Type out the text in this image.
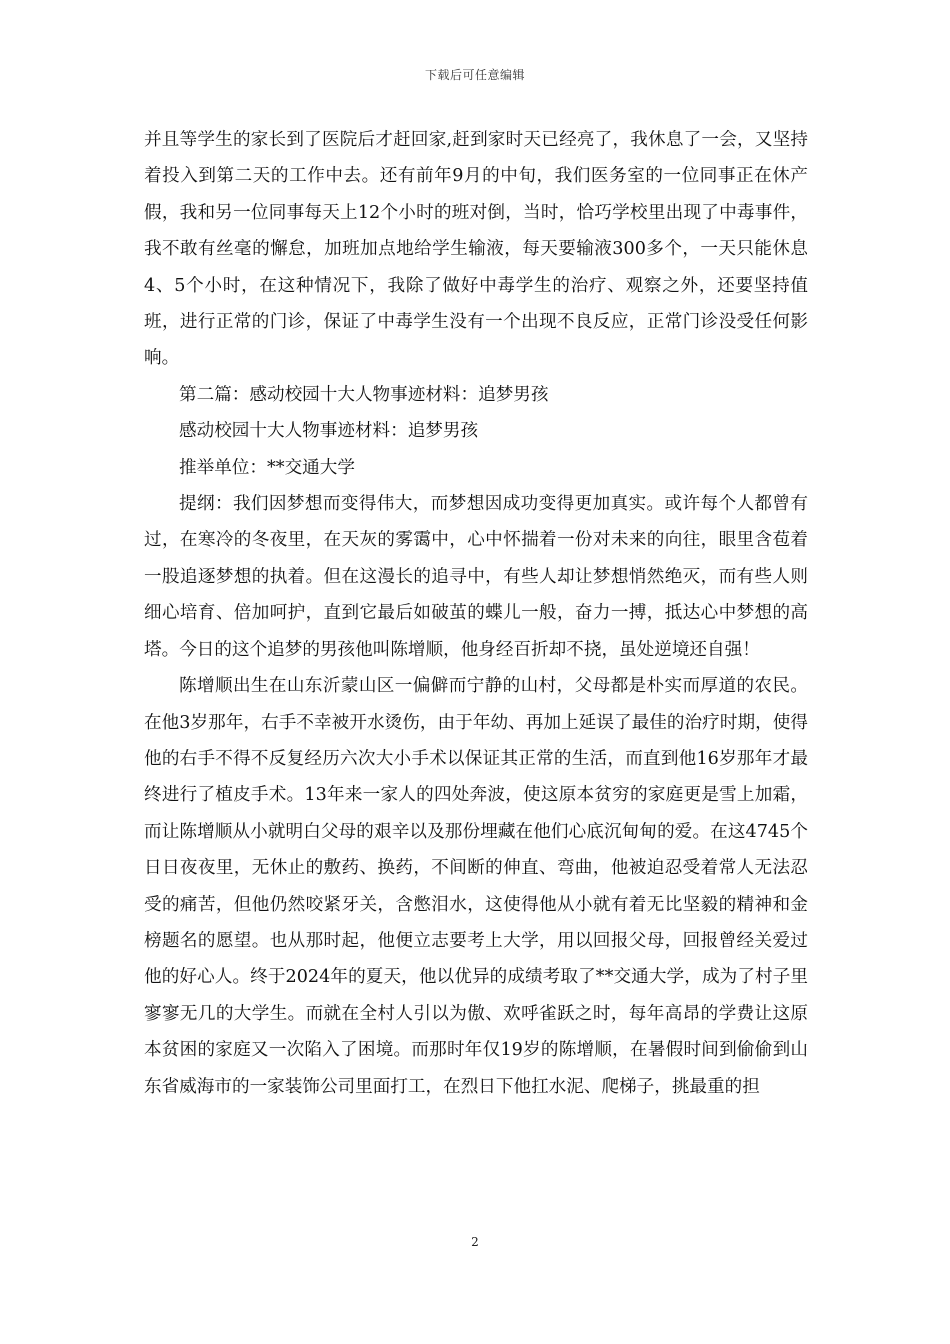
下载后可任意编辑

并且等学生的家长到了医院后才赶回家,赶到家时天已经亮了，我休息了一会，又坚持着投入到第二天的工作中去。还有前年9月的中旬，我们医务室的一位同事正在休产假，我和另一位同事每天上12个小时的班对倒，当时，恰巧学校里出现了中毒事件，我不敢有丝毫的懈怠，加班加点地给学生输液，每天要输液300多个，一天只能休息4、5个小时，在这种情况下，我除了做好中毒学生的治疗、观察之外，还要坚持值班，进行正常的门诊，保证了中毒学生没有一个出现不良反应，正常门诊没受任何影响。

第二篇：感动校园十大人物事迹材料：追梦男孩

感动校园十大人物事迹材料：追梦男孩

推举单位：**交通大学

提纲：我们因梦想而变得伟大，而梦想因成功变得更加真实。或许每个人都曾有过，在寒冷的冬夜里，在天灰的雾霭中，心中怀揣着一份对未来的向往，眼里含苞着一股追逐梦想的执着。但在这漫长的追寻中，有些人却让梦想悄然绝灭，而有些人则细心培育、倍加呵护，直到它最后如破茧的蝶儿一般，奋力一搏，抵达心中梦想的高塔。今日的这个追梦的男孩他叫陈增顺，他身经百折却不挠，虽处逆境还自强！

陈增顺出生在山东沂蒙山区一偏僻而宁静的山村，父母都是朴实而厚道的农民。在他3岁那年，右手不幸被开水烫伤，由于年幼、再加上延误了最佳的治疗时期，使得他的右手不得不反复经历六次大小手术以保证其正常的生活，而直到他16岁那年才最终进行了植皮手术。13年来一家人的四处奔波，使这原本贫穷的家庭更是雪上加霜，而让陈增顺从小就明白父母的艰辛以及那份埋藏在他们心底沉甸甸的爱。在这4745个日日夜夜里，无休止的敷药、换药，不间断的伸直、弯曲，他被迫忍受着常人无法忍受的痛苦，但他仍然咬紧牙关，含憋泪水，这使得他从小就有着无比坚毅的精神和金榜题名的愿望。也从那时起，他便立志要考上大学，用以回报父母，回报曾经关爱过他的好心人。终于2024年的夏天，他以优异的成绩考取了**交通大学，成为了村子里寥寥无几的大学生。而就在全村人引以为傲、欢呼雀跃之时，每年高昂的学费让这原本贫困的家庭又一次陷入了困境。而那时年仅19岁的陈增顺，在暑假时间到偷偷到山东省威海市的一家装饰公司里面打工，在烈日下他扛水泥、爬梯子，挑最重的担

2
